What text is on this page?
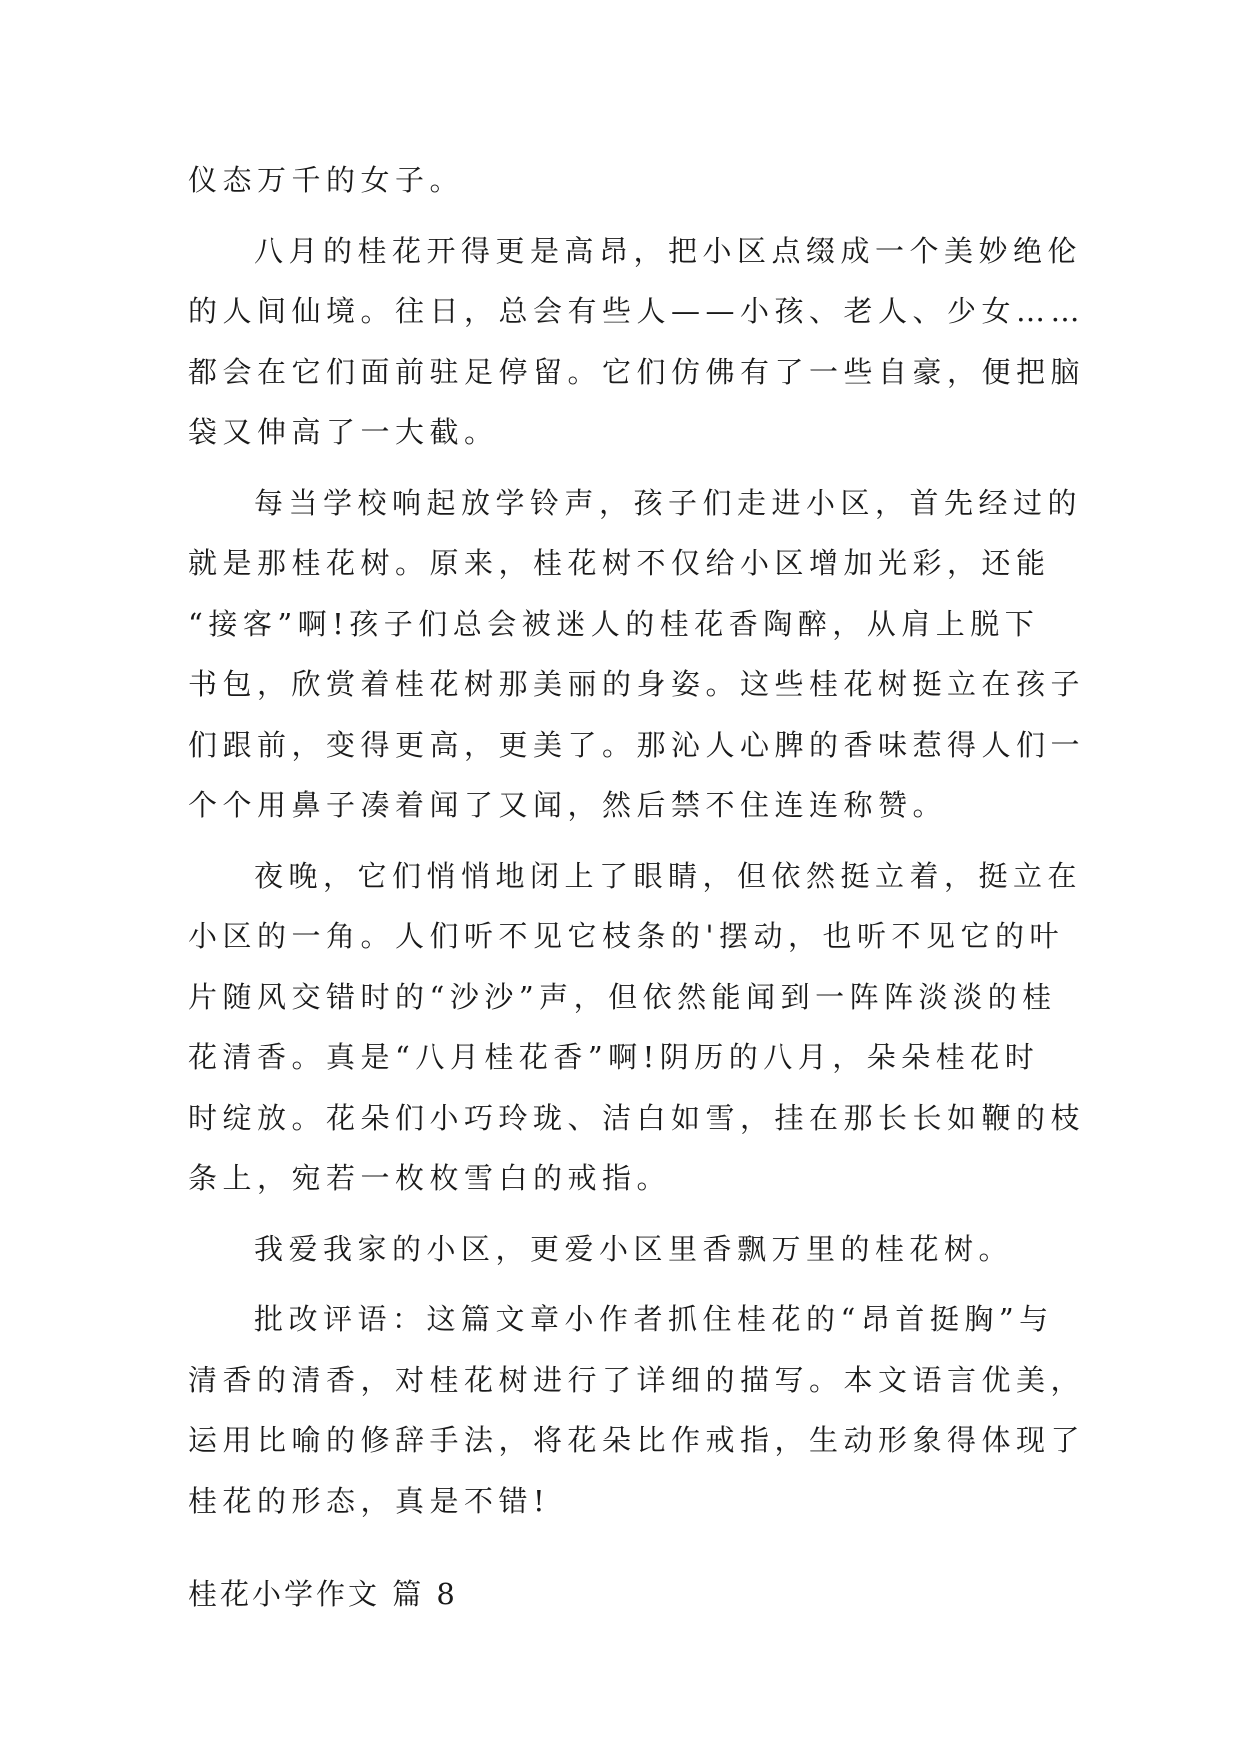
仪态万千的女子。
八月的桂花开得更是高昂，把小区点缀成一个美妙绝伦
的人间仙境。往日，总会有些人——小孩、老人、少女……
都会在它们面前驻足停留。它们仿佛有了一些自豪，便把脑
袋又伸高了一大截。
每当学校响起放学铃声，孩子们走进小区，首先经过的
就是那桂花树。原来，桂花树不仅给小区增加光彩，还能
“接客”啊!孩子们总会被迷人的桂花香陶醉，从肩上脱下
书包，欣赏着桂花树那美丽的身姿。这些桂花树挺立在孩子
们跟前，变得更高，更美了。那沁人心脾的香味惹得人们一
个个用鼻子凑着闻了又闻，然后禁不住连连称赞。
夜晚，它们悄悄地闭上了眼睛，但依然挺立着，挺立在
小区的一角。人们听不见它枝条的'摆动，也听不见它的叶
片随风交错时的“沙沙”声，但依然能闻到一阵阵淡淡的桂
花清香。真是“八月桂花香”啊!阴历的八月，朵朵桂花时
时绽放。花朵们小巧玲珑、洁白如雪，挂在那长长如鞭的枝
条上，宛若一枚枚雪白的戒指。
我爱我家的小区，更爱小区里香飘万里的桂花树。
批改评语：这篇文章小作者抓住桂花的“昂首挺胸”与
清香的清香，对桂花树进行了详细的描写。本文语言优美，
运用比喻的修辞手法，将花朵比作戒指，生动形象得体现了
桂花的形态，真是不错!
桂花小学作文 篇 8
